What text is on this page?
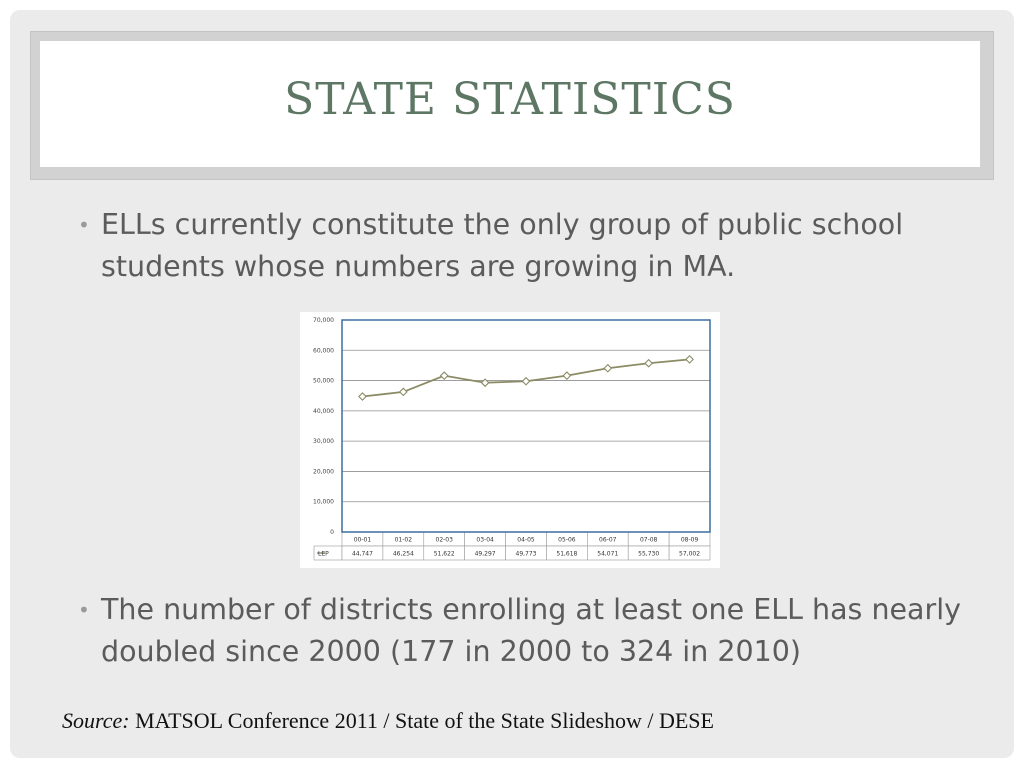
STATE STATISTICS
• ELLs currently constitute the only group of public school students whose numbers are growing in MA.
0
10,000
20,000
30,000
40,000
50,000
60,000
70,000
00-01
44,747
01-02
46,254
02-03
51,622
03-04
49,297
04-05
49,773
05-06
51,618
06-07
54,071
07-08
55,730
08-09
57,002
LEP
• The number of districts enrolling at least one ELL has nearly doubled since 2000 (177 in 2000 to 324 in 2010)
Source: MATSOL Conference 2011 / State of the State Slideshow / DESE
